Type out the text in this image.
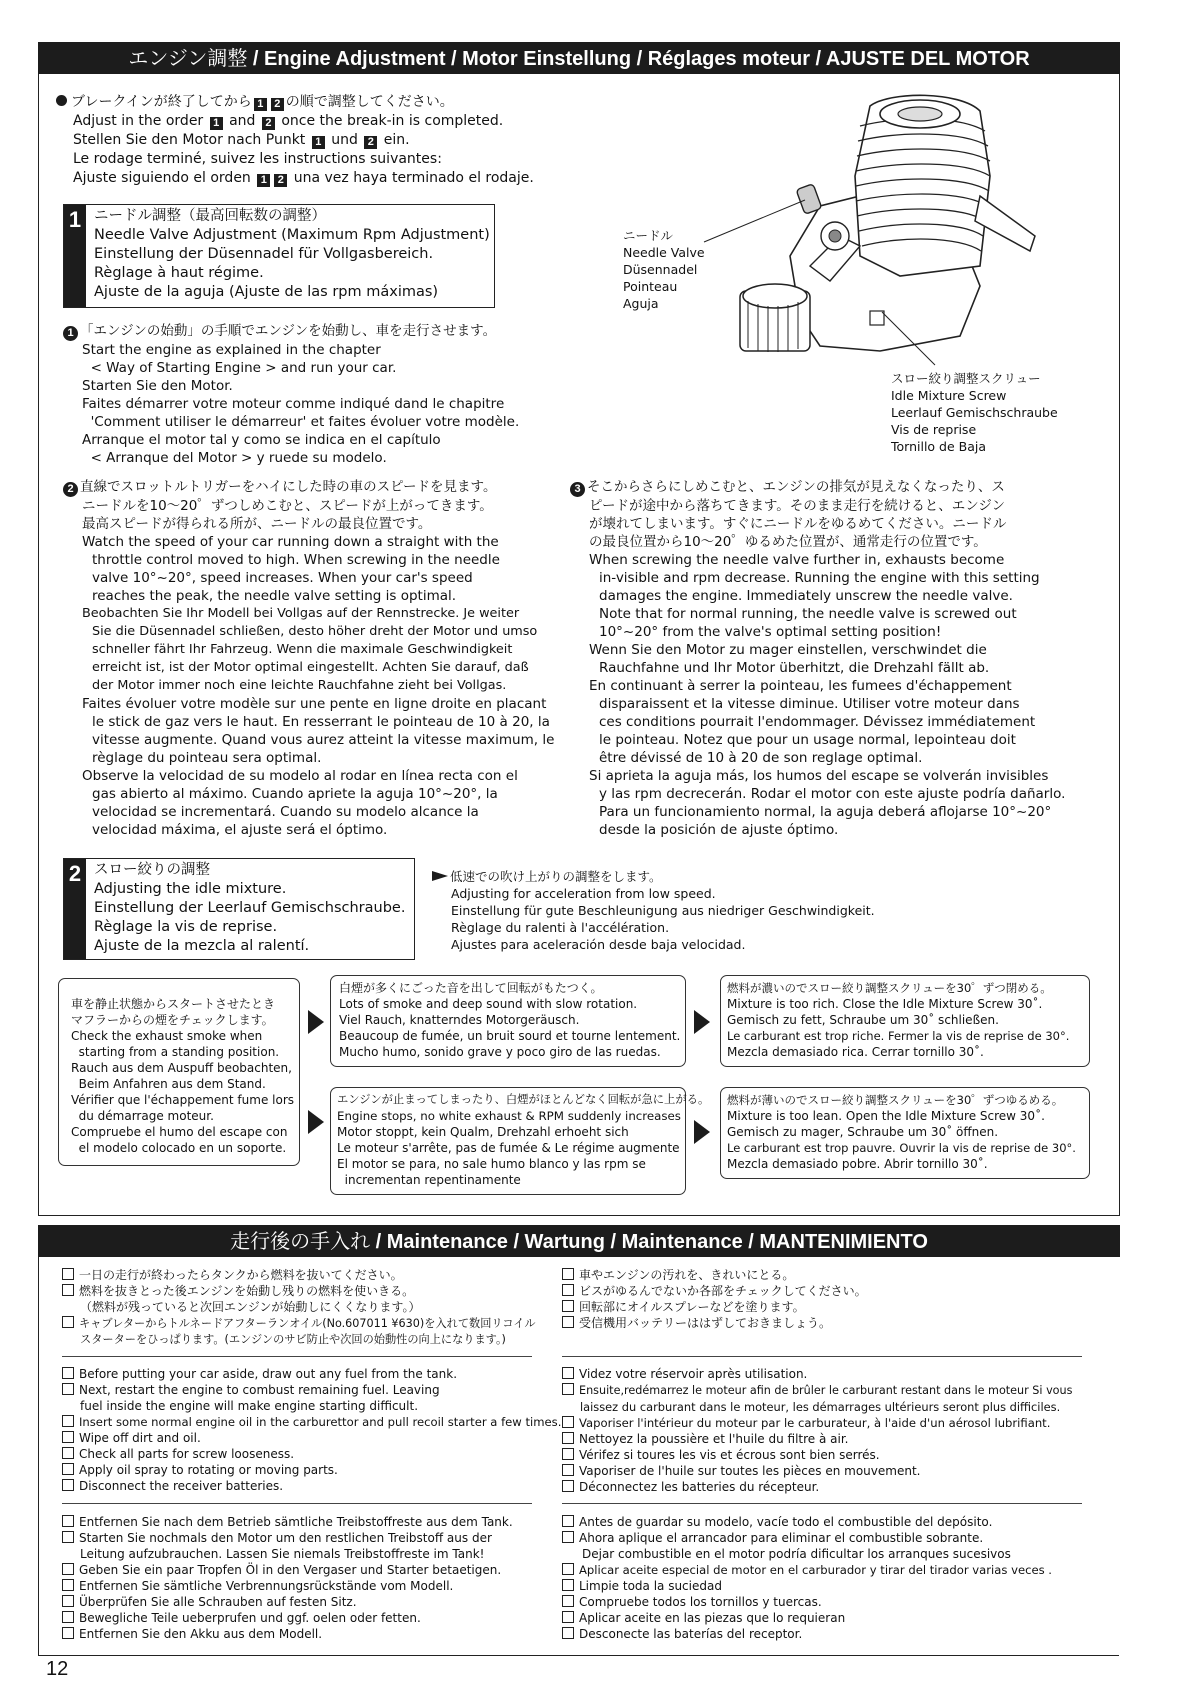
エンジン調整 / Engine Adjustment / Motor Einstellung / Réglages moteur / AJUSTE DEL MOTOR
ブレークインが終了してから 1 2 の順で調整してください。
Adjust in the order 1 and 2 once the break-in is completed.
Stellen Sie den Motor nach Punkt 1 und 2 ein.
Le rodage terminé, suivez les instructions suivantes:
Ajuste siguiendo el orden 1 2 una vez haya terminado el rodaje.
1 ニードル調整（最高回転数の調整）
Needle Valve Adjustment (Maximum Rpm Adjustment)
Einstellung der Düsennadel für Vollgasbereich.
Règlage à haut régime.
Ajuste de la aguja (Ajuste de las rpm máximas)
ニードル
Needle Valve
Düsennadel
Pointeau
Aguja
スロー絞り調整スクリュー
Idle Mixture Screw
Leerlauf Gemischschraube
Vis de reprise
Tornillo de Baja
1 「エンジンの始動」の手順でエンジンを始動し、車を走行させます。
Start the engine as explained in the chapter
< Way of Starting Engine > and run your car.
Starten Sie den Motor.
Faites démarrer votre moteur comme indiqué dand le chapitre
'Comment utiliser le démarreur' et faites évoluer votre modèle.
Arranque el motor tal y como se indica en el capítulo
< Arranque del Motor > y ruede su modelo.
2 直線でスロットルトリガーをハイにした時の車のスピードを見ます。
ニードルを10～20゜ずつしめこむと、スピードが上がってきます。
最高スピードが得られる所が、ニードルの最良位置です。
Watch the speed of your car running down a straight with the
throttle control moved to high. When screwing in the needle
valve 10°~20°, speed increases. When your car's speed
reaches the peak, the needle valve setting is optimal.
Beobachten Sie Ihr Modell bei Vollgas auf der Rennstrecke. Je weiter
Sie die Düsennadel schließen, desto höher dreht der Motor und umso
schneller fährt Ihr Fahrzeug. Wenn die maximale Geschwindigkeit
erreicht ist, ist der Motor optimal eingestellt. Achten Sie darauf, daß
der Motor immer noch eine leichte Rauchfahne zieht bei Vollgas.
Faites évoluer votre modèle sur une pente en ligne droite en placant
le stick de gaz vers le haut. En resserrant le pointeau de 10 à 20, la
vitesse augmente. Quand vous aurez atteint la vitesse maximum, le
règlage du pointeau sera optimal.
Observe la velocidad de su modelo al rodar en línea recta con el
gas abierto al máximo. Cuando apriete la aguja 10°~20°, la
velocidad se incrementará. Cuando su modelo alcance la
velocidad máxima, el ajuste será el óptimo.
3 そこからさらにしめこむと、エンジンの排気が見えなくなったり、ス
ピードが途中から落ちてきます。そのまま走行を続けると、エンジン
が壊れてしまいます。すぐにニードルをゆるめてください。ニードル
の最良位置から10～20゜ゆるめた位置が、通常走行の位置です。
When screwing the needle valve further in, exhausts become
in-visible and rpm decrease. Running the engine with this setting
damages the engine. Immediately unscrew the needle valve.
Note that for normal running, the needle valve is screwed out
10°~20° from the valve's optimal setting position!
Wenn Sie den Motor zu mager einstellen, verschwindet die
Rauchfahne und Ihr Motor überhitzt, die Drehzahl fällt ab.
En continuant à serrer la pointeau, les fumees d'échappement
disparaissent et la vitesse diminue. Utiliser votre moteur dans
ces conditions pourrait l'endommager. Dévissez immédiatement
le pointeau. Notez que pour un usage normal, lepointeau doit
être dévissé de 10 à 20 de son reglage optimal.
Si aprieta la aguja más, los humos del escape se volverán invisibles
y las rpm decrecerán. Rodar el motor con este ajuste podría dañarlo.
Para un funcionamiento normal, la aguja deberá aflojarse 10°~20°
desde la posición de ajuste óptimo.
2 スロー絞りの調整
Adjusting the idle mixture.
Einstellung der Leerlauf Gemischschraube.
Règlage la vis de reprise.
Ajuste de la mezcla al ralentí.
低速での吹け上がりの調整をします。
Adjusting for acceleration from low speed.
Einstellung für gute Beschleunigung aus niedriger Geschwindigkeit.
Règlage du ralenti à l'accélération.
Ajustes para aceleración desde baja velocidad.
車を静止状態からスタートさせたとき
マフラーからの煙をチェックします。
Check the exhaust smoke when
starting from a standing position.
Rauch aus dem Auspuff beobachten,
Beim Anfahren aus dem Stand.
Vérifier que l'échappement fume lors
du démarrage moteur.
Compruebe el humo del escape con
el modelo colocado en un soporte.
白煙が多くにごった音を出して回転がもたつく。
Lots of smoke and deep sound with slow rotation.
Viel Rauch, knatterndes Motorgeräusch.
Beaucoup de fumée, un bruit sourd et tourne lentement.
Mucho humo, sonido grave y poco giro de las ruedas.
エンジンが止まってしまったり、白煙がほとんどなく回転が急に上がる。
Engine stops, no white exhaust & RPM suddenly increases
Motor stoppt, kein Qualm, Drehzahl erhoeht sich
Le moteur s'arrête, pas de fumée & Le régime augmente
El motor se para, no sale humo blanco y las rpm se
incrementan repentinamente
燃料が濃いのでスロー絞り調整スクリューを30゜ずつ閉める。
Mixture is too rich. Close the Idle Mixture Screw 30˚.
Gemisch zu fett, Schraube um 30˚ schließen.
Le carburant est trop riche. Fermer la vis de reprise de 30°.
Mezcla demasiado rica. Cerrar tornillo 30˚.
燃料が薄いのでスロー絞り調整スクリューを30゜ずつゆるめる。
Mixture is too lean. Open the Idle Mixture Screw 30˚.
Gemisch zu mager, Schraube um 30˚ öffnen.
Le carburant est trop pauvre. Ouvrir la vis de reprise de 30°.
Mezcla demasiado pobre. Abrir tornillo 30˚.
走行後の手入れ / Maintenance / Wartung / Maintenance / MANTENIMIENTO
一日の走行が終わったらタンクから燃料を抜いてください。
燃料を抜きとった後エンジンを始動し残りの燃料を使いきる。
（燃料が残っていると次回エンジンが始動しにくくなります。）
キャブレターからトルネードアフターランオイル(No.607011 ¥630)を入れて数回リコイル
スターターをひっぱります。(エンジンのサビ防止や次回の始動性の向上になります。)
車やエンジンの汚れを、きれいにとる。
ビスがゆるんでないか各部をチェックしてください。
回転部にオイルスプレーなどを塗ります。
受信機用バッテリーははずしておきましょう。
Before putting your car aside, draw out any fuel from the tank.
Next, restart the engine to combust remaining fuel. Leaving
fuel inside the engine will make engine starting difficult.
Insert some normal engine oil in the carburettor and pull recoil starter a few times.
Wipe off dirt and oil.
Check all parts for screw looseness.
Apply oil spray to rotating or moving parts.
Disconnect the receiver batteries.
Videz votre réservoir après utilisation.
Ensuite,redémarrez le moteur afin de brûler le carburant restant dans le moteur Si vous
laissez du carburant dans le moteur, les démarrages ultérieurs seront plus difficiles.
Vaporiser l'intérieur du moteur par le carburateur, à l'aide d'un aérosol lubrifiant.
Nettoyez la poussière et l'huile du filtre à air.
Vérifez si toures les vis et écrous sont bien serrés.
Vaporiser de l'huile sur toutes les pièces en mouvement.
Déconnectez les batteries du récepteur.
Entfernen Sie nach dem Betrieb sämtliche Treibstoffreste aus dem Tank.
Starten Sie nochmals den Motor um den restlichen Treibstoff aus der
Leitung aufzubrauchen. Lassen Sie niemals Treibstoffreste im Tank!
Geben Sie ein paar Tropfen Öl in den Vergaser und Starter betaetigen.
Entfernen Sie sämtliche Verbrennungsrückstände vom Modell.
Überprüfen Sie alle Schrauben auf festen Sitz.
Bewegliche Teile ueberprufen und ggf. oelen oder fetten.
Entfernen Sie den Akku aus dem Modell.
Antes de guardar su modelo, vacíe todo el combustible del depósito.
Ahora aplique el arrancador para eliminar el combustible sobrante.
Dejar combustible en el motor podría dificultar los arranques sucesivos
Aplicar aceite especial de motor en el carburador y tirar del tirador varias veces .
Limpie toda la suciedad
Compruebe todos los tornillos y tuercas.
Aplicar aceite en las piezas que lo requieran
Desconecte las baterías del receptor.
12
